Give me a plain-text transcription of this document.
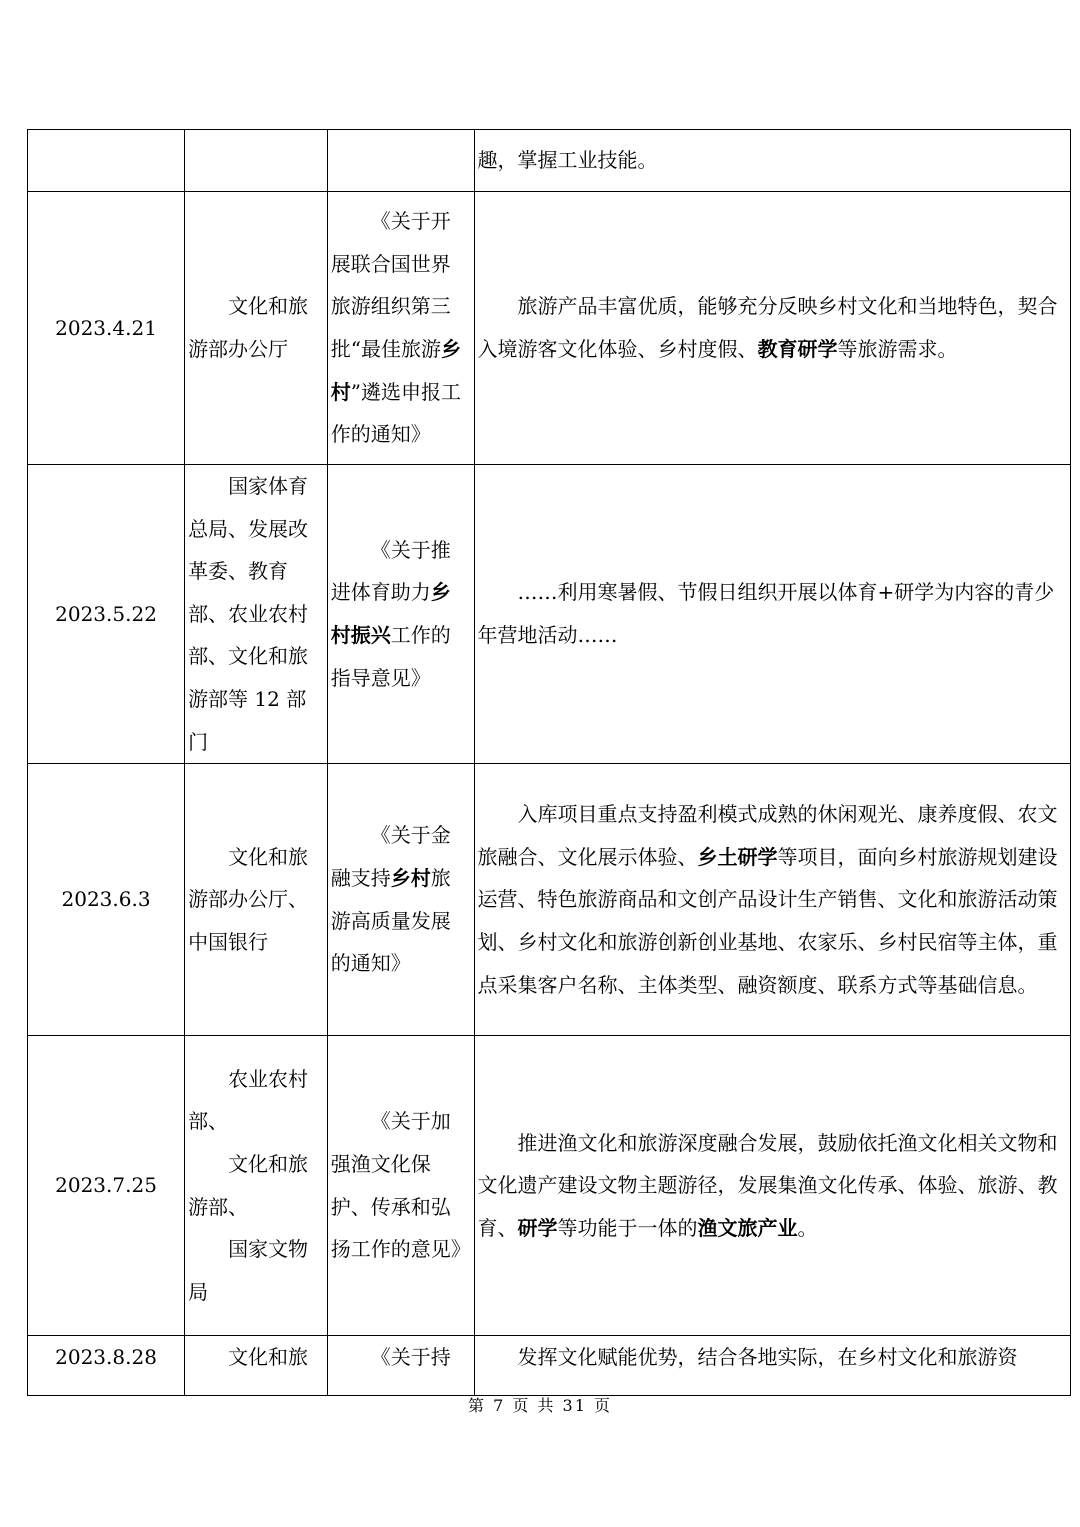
			趣，掌握工业技能。

2023.4.21	文化和旅游部办公厅	《关于开展联合国世界旅游组织第三批“最佳旅游乡村”遴选申报工作的通知》	旅游产品丰富优质，能够充分反映乡村文化和当地特色，契合入境游客文化体验、乡村度假、教育研学等旅游需求。

2023.5.22	国家体育总局、发展改革委、教育部、农业农村部、文化和旅游部等 12 部门	《关于推进体育助力乡村振兴工作的指导意见》	……利用寒暑假、节假日组织开展以体育+研学为内容的青少年营地活动……

2023.6.3	文化和旅游部办公厅、中国银行	《关于金融支持乡村旅游高质量发展的通知》	入库项目重点支持盈利模式成熟的休闲观光、康养度假、农文旅融合、文化展示体验、乡土研学等项目，面向乡村旅游规划建设运营、特色旅游商品和文创产品设计生产销售、文化和旅游活动策划、乡村文化和旅游创新创业基地、农家乐、乡村民宿等主体，重点采集客户名称、主体类型、融资额度、联系方式等基础信息。

2023.7.25	农业农村部、
文化和旅游部、
国家文物局	《关于加强渔文化保护、传承和弘扬工作的意见》	推进渔文化和旅游深度融合发展，鼓励依托渔文化相关文物和文化遗产建设文物主题游径，发展集渔文化传承、体验、旅游、教育、研学等功能于一体的渔文旅产业。

2023.8.28	文化和旅	《关于持	发挥文化赋能优势，结合各地实际，在乡村文化和旅游资
第 7 页 共 31 页
